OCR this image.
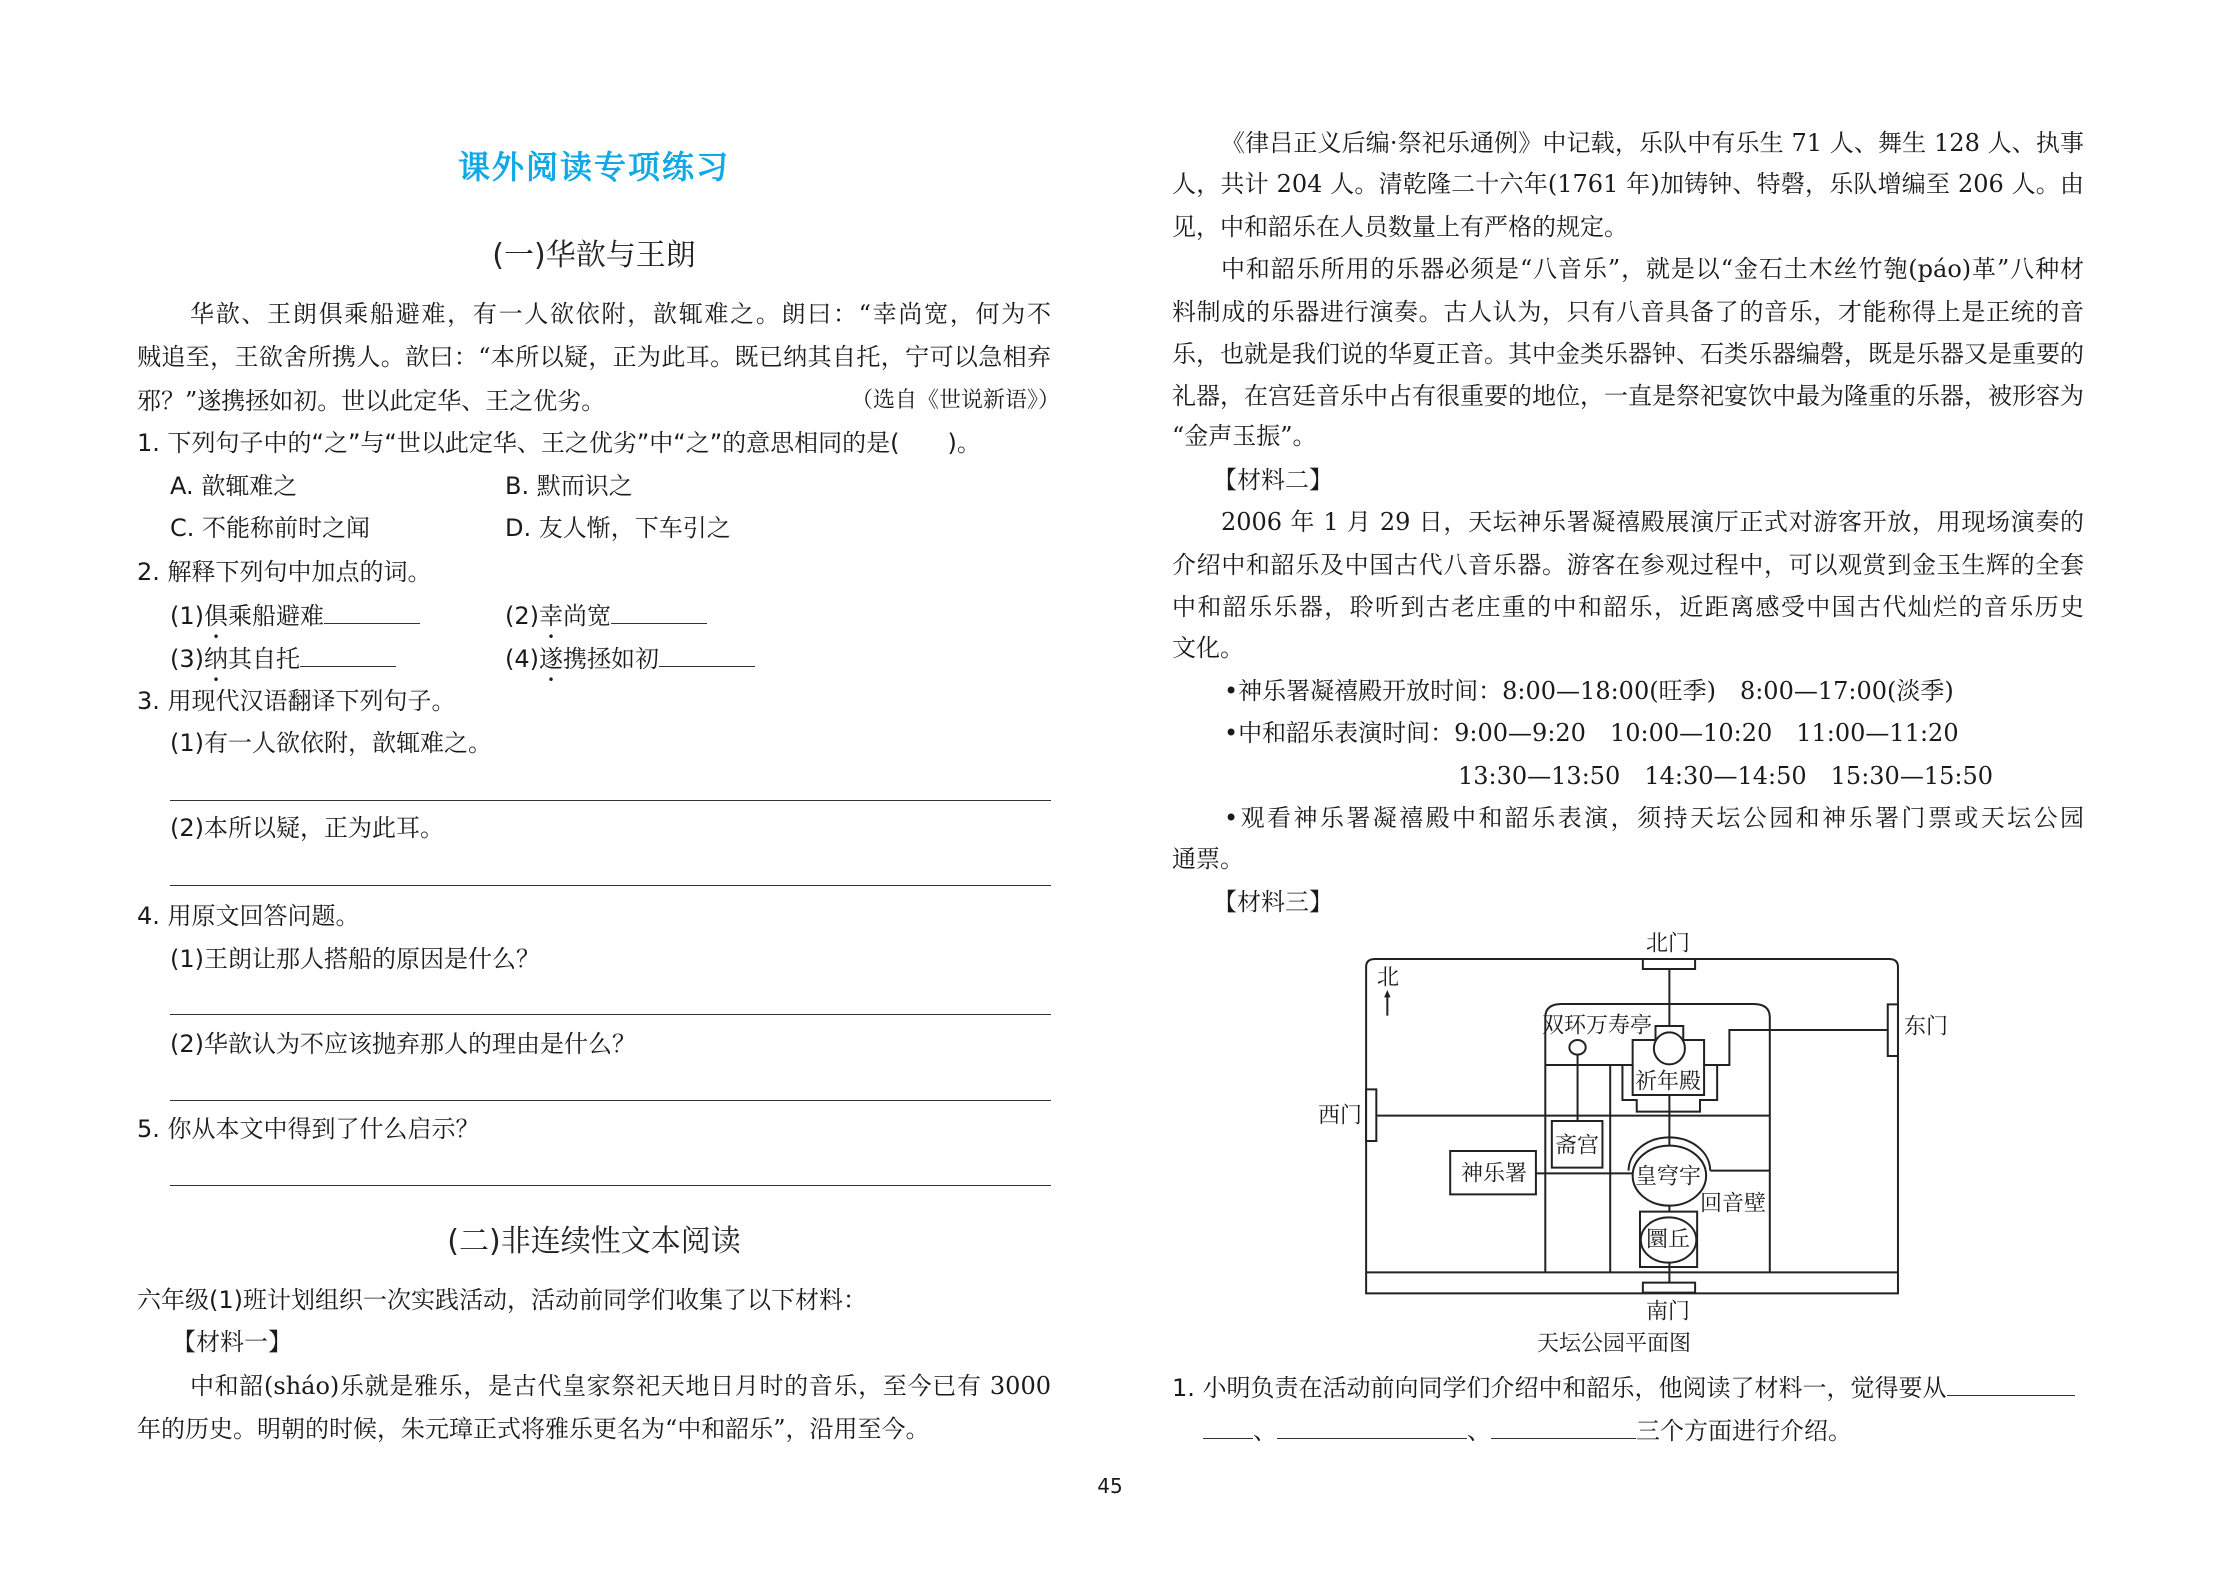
课外阅读专项练习
(一)华歆与王朗
华歆、王朗俱乘船避难，有一人欲依附，歆辄难之。朗曰：“幸尚宽，何为不
贼追至，王欲舍所携人。歆曰：“本所以疑，正为此耳。既已纳其自托，宁可以急相弃
邪？”遂携拯如初。世以此定华、王之优劣。	（选自《世说新语》）
1. 下列句子中的“之”与“世以此定华、王之优劣”中“之”的意思相同的是(　　)。
A. 歆辄难之	B. 默而识之
C. 不能称前时之闻	D. 友人惭，下车引之
2. 解释下列句中加点的词。
(1)俱乘船避难	(2)幸尚宽
(3)纳其自托	(4)遂携拯如初
3. 用现代汉语翻译下列句子。
(1)有一人欲依附，歆辄难之。
(2)本所以疑，正为此耳。
4. 用原文回答问题。
(1)王朗让那人搭船的原因是什么？
(2)华歆认为不应该抛弃那人的理由是什么？
5. 你从本文中得到了什么启示？
(二)非连续性文本阅读
六年级(1)班计划组织一次实践活动，活动前同学们收集了以下材料：
【材料一】
中和韶(sháo)乐就是雅乐，是古代皇家祭祀天地日月时的音乐，至今已有 3000
年的历史。明朝的时候，朱元璋正式将雅乐更名为“中和韶乐”，沿用至今。
《律吕正义后编·祭祀乐通例》中记载，乐队中有乐生 71 人、舞生 128 人、执事
人，共计 204 人。清乾隆二十六年(1761 年)加铸钟、特磬，乐队增编至 206 人。由
见，中和韶乐在人员数量上有严格的规定。
中和韶乐所用的乐器必须是“八音乐”，就是以“金石土木丝竹匏(páo)革”八种材
料制成的乐器进行演奏。古人认为，只有八音具备了的音乐，才能称得上是正统的音
乐，也就是我们说的华夏正音。其中金类乐器钟、石类乐器编磬，既是乐器又是重要的
礼器，在宫廷音乐中占有很重要的地位，一直是祭祀宴饮中最为隆重的乐器，被形容为
“金声玉振”。
【材料二】
2006 年 1 月 29 日，天坛神乐署凝禧殿展演厅正式对游客开放，用现场演奏的
介绍中和韶乐及中国古代八音乐器。游客在参观过程中，可以观赏到金玉生辉的全套
中和韶乐乐器，聆听到古老庄重的中和韶乐，近距离感受中国古代灿烂的音乐历史
文化。
•神乐署凝禧殿开放时间：8:00—18:00(旺季)　8:00—17:00(淡季)
•中和韶乐表演时间：9:00—9:20　10:00—10:20　11:00—11:20
13:30—13:50　14:30—14:50　15:30—15:50
•观看神乐署凝禧殿中和韶乐表演，须持天坛公园和神乐署门票或天坛公园
通票。
【材料三】
北门
北
双环万寿亭	东门
祈年殿
西门
斋宫
神乐署	皇穹宇
回音壁
圜丘
南门
天坛公园平面图
1. 小明负责在活动前向同学们介绍中和韶乐，他阅读了材料一，觉得要从
、	、	三个方面进行介绍。
45
